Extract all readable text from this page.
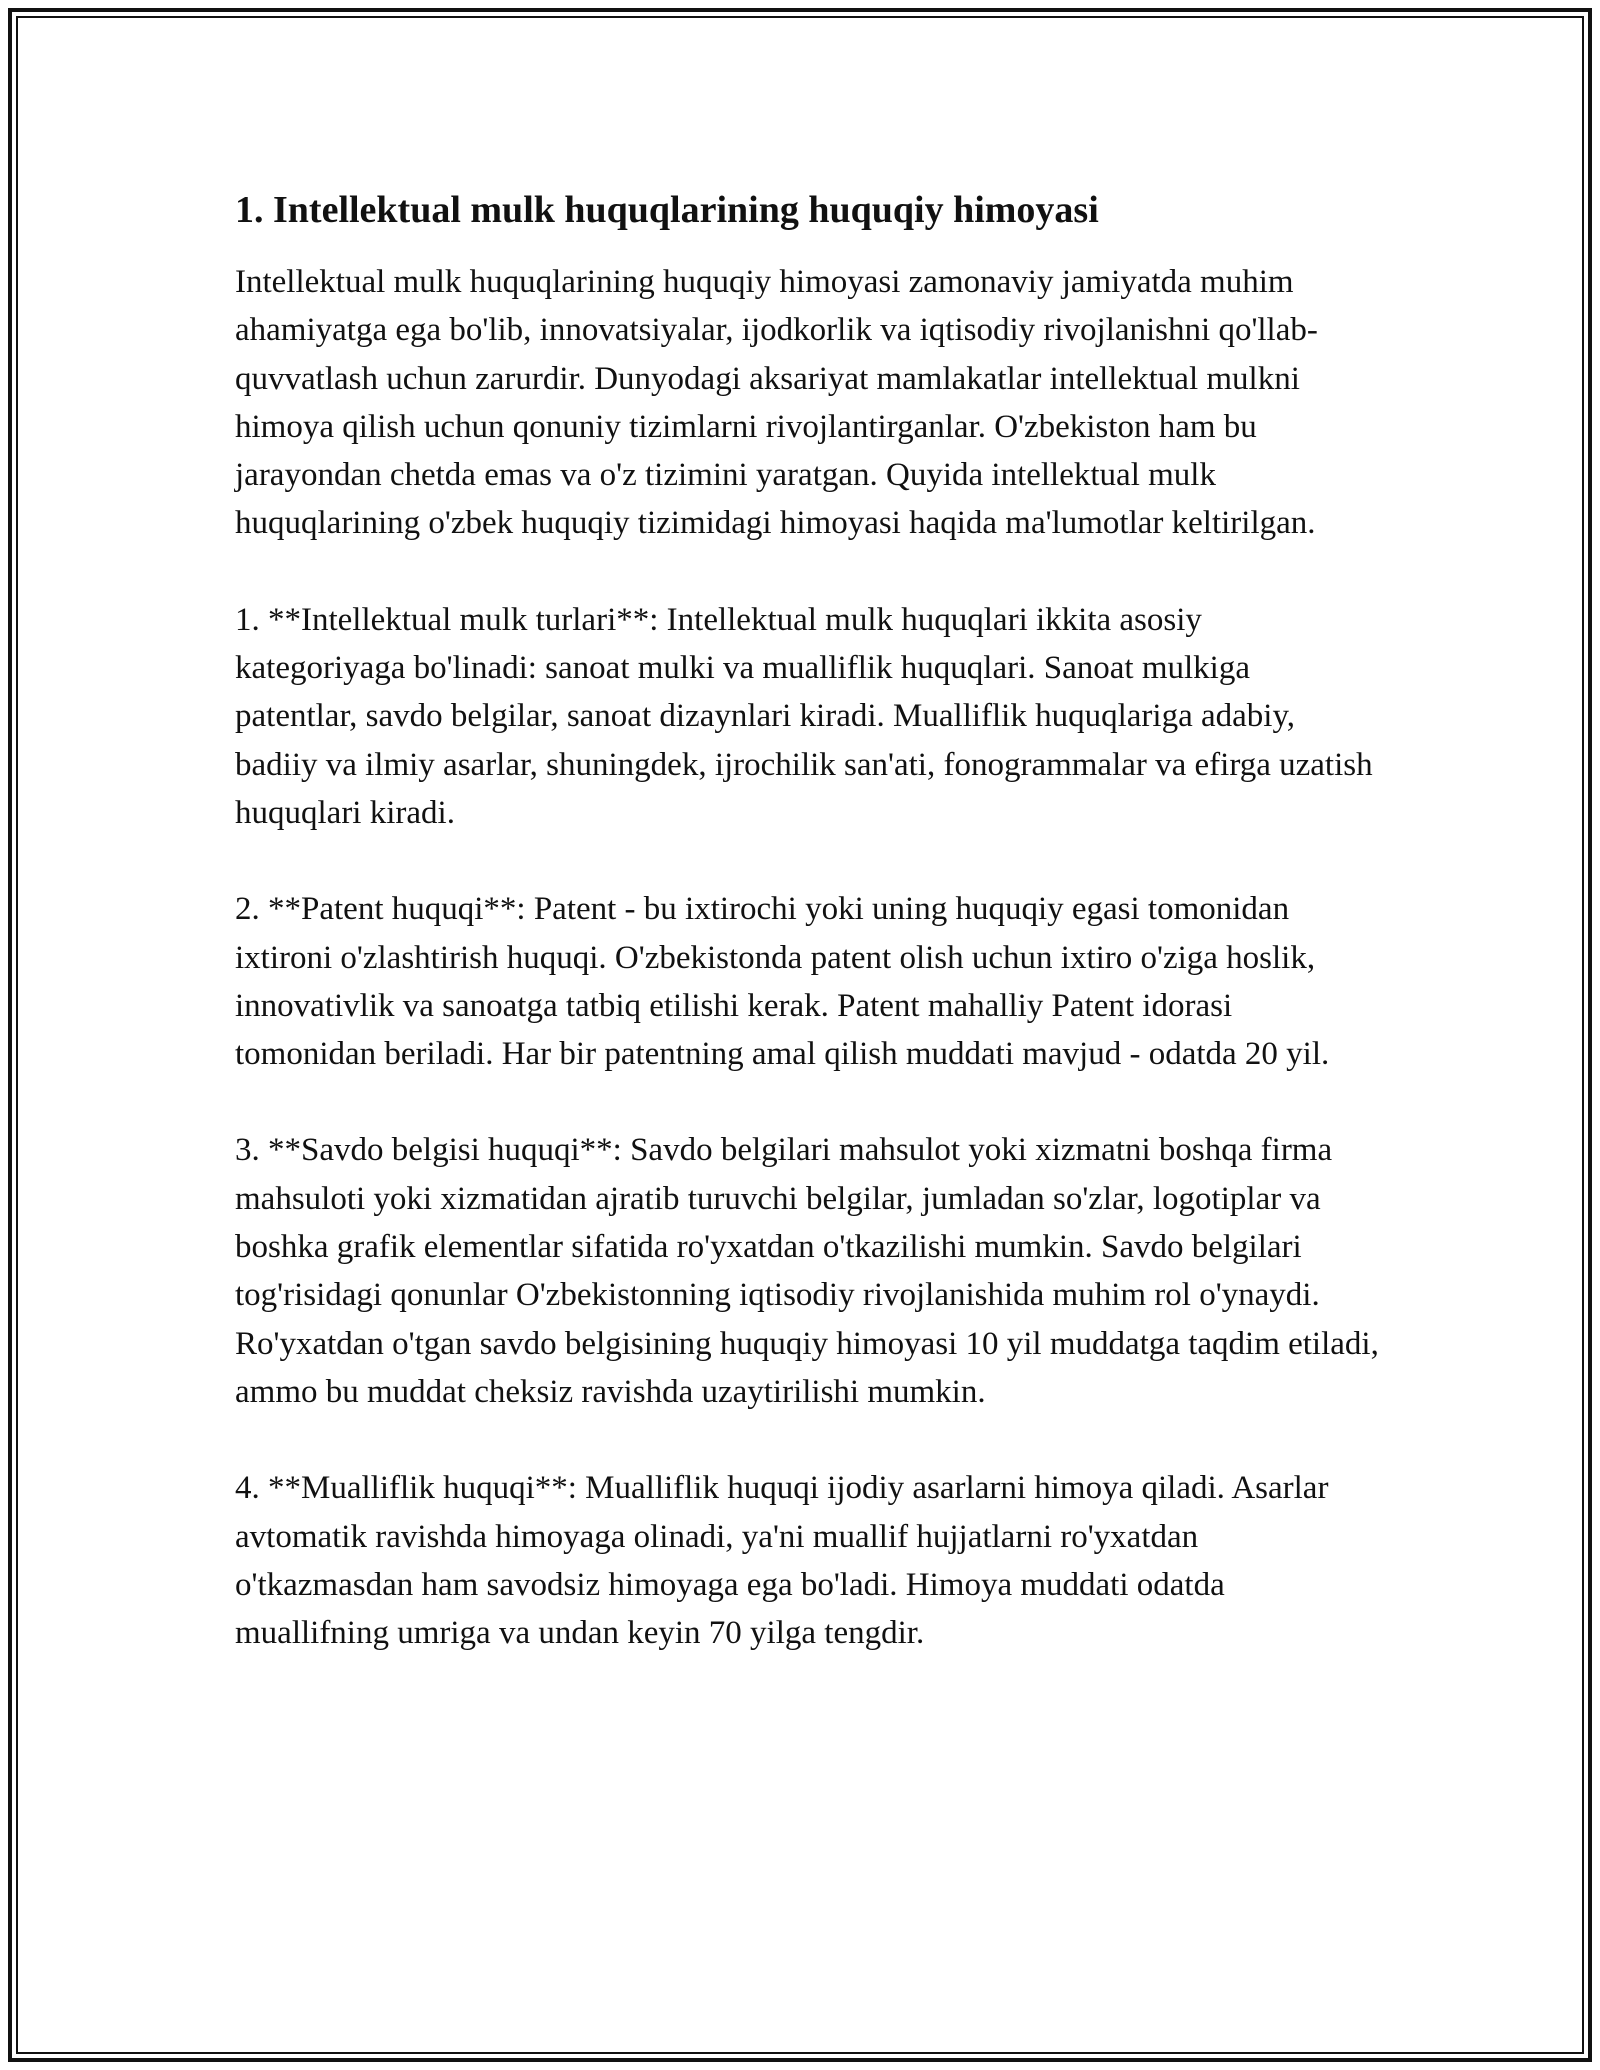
1. Intellektual mulk huquqlarining huquqiy himoyasi

Intellektual mulk huquqlarining huquqiy himoyasi zamonaviy jamiyatda muhim ahamiyatga ega bo'lib, innovatsiyalar, ijodkorlik va iqtisodiy rivojlanishni qo'llab-quvvatlash uchun zarurdir. Dunyodagi aksariyat mamlakatlar intellektual mulkni himoya qilish uchun qonuniy tizimlarni rivojlantirganlar. O'zbekiston ham bu jarayondan chetda emas va o'z tizimini yaratgan. Quyida intellektual mulk huquqlarining o'zbek huquqiy tizimidagi himoyasi haqida ma'lumotlar keltirilgan.

1. **Intellektual mulk turlari**: Intellektual mulk huquqlari ikkita asosiy kategoriyaga bo'linadi: sanoat mulki va mualliflik huquqlari. Sanoat mulkiga patentlar, savdo belgilar, sanoat dizaynlari kiradi. Mualliflik huquqlariga adabiy, badiiy va ilmiy asarlar, shuningdek, ijrochilik san'ati, fonogrammalar va efirga uzatish huquqlari kiradi.

2. **Patent huquqi**: Patent - bu ixtirochi yoki uning huquqiy egasi tomonidan ixtironi o'zlashtirish huquqi. O'zbekistonda patent olish uchun ixtiro o'ziga hoslik, innovativlik va sanoatga tatbiq etilishi kerak. Patent mahalliy Patent idorasi tomonidan beriladi. Har bir patentning amal qilish muddati mavjud - odatda 20 yil.

3. **Savdo belgisi huquqi**: Savdo belgilari mahsulot yoki xizmatni boshqa firma mahsuloti yoki xizmatidan ajratib turuvchi belgilar, jumladan so'zlar, logotiplar va boshka grafik elementlar sifatida ro'yxatdan o'tkazilishi mumkin. Savdo belgilari tog'risidagi qonunlar O'zbekistonning iqtisodiy rivojlanishida muhim rol o'ynaydi. Ro'yxatdan o'tgan savdo belgisining huquqiy himoyasi 10 yil muddatga taqdim etiladi, ammo bu muddat cheksiz ravishda uzaytirilishi mumkin.

4. **Mualliflik huquqi**: Mualliflik huquqi ijodiy asarlarni himoya qiladi. Asarlar avtomatik ravishda himoyaga olinadi, ya'ni muallif hujjatlarni ro'yxatdan o'tkazmasdan ham savodsiz himoyaga ega bo'ladi. Himoya muddati odatda muallifning umriga va undan keyin 70 yilga tengdir.
